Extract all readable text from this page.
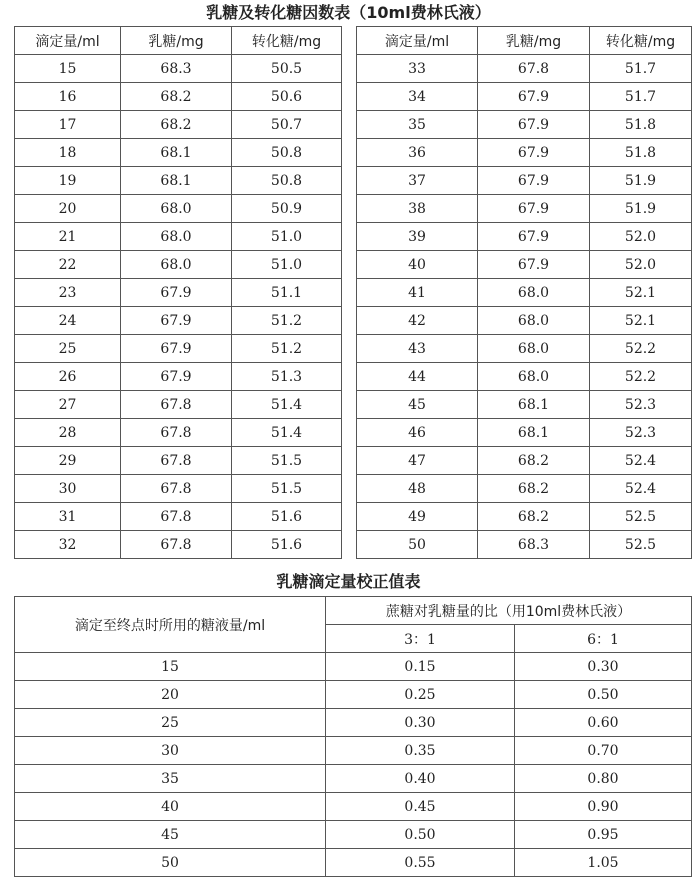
乳糖及转化糖因数表（10ml费林氏液）
滴定量/ml	乳糖/mg	转化糖/mg		滴定量/ml	乳糖/mg	转化糖/mg
15	68.3	50.5		33	67.8	51.7
16	68.2	50.6		34	67.9	51.7
17	68.2	50.7		35	67.9	51.8
18	68.1	50.8		36	67.9	51.8
19	68.1	50.8		37	67.9	51.9
20	68.0	50.9		38	67.9	51.9
21	68.0	51.0		39	67.9	52.0
22	68.0	51.0		40	67.9	52.0
23	67.9	51.1		41	68.0	52.1
24	67.9	51.2		42	68.0	52.1
25	67.9	51.2		43	68.0	52.2
26	67.9	51.3		44	68.0	52.2
27	67.8	51.4		45	68.1	52.3
28	67.8	51.4		46	68.1	52.3
29	67.8	51.5		47	68.2	52.4
30	67.8	51.5		48	68.2	52.4
31	67.8	51.6		49	68.2	52.5
32	67.8	51.6		50	68.3	52.5
乳糖滴定量校正值表
滴定至终点时所用的糖液量/ml	蔗糖对乳糖量的比（用10ml费林氏液）	
	3：1	6：1
15	0.15	0.30
20	0.25	0.50
25	0.30	0.60
30	0.35	0.70
35	0.40	0.80
40	0.45	0.90
45	0.50	0.95
50	0.55	1.05
